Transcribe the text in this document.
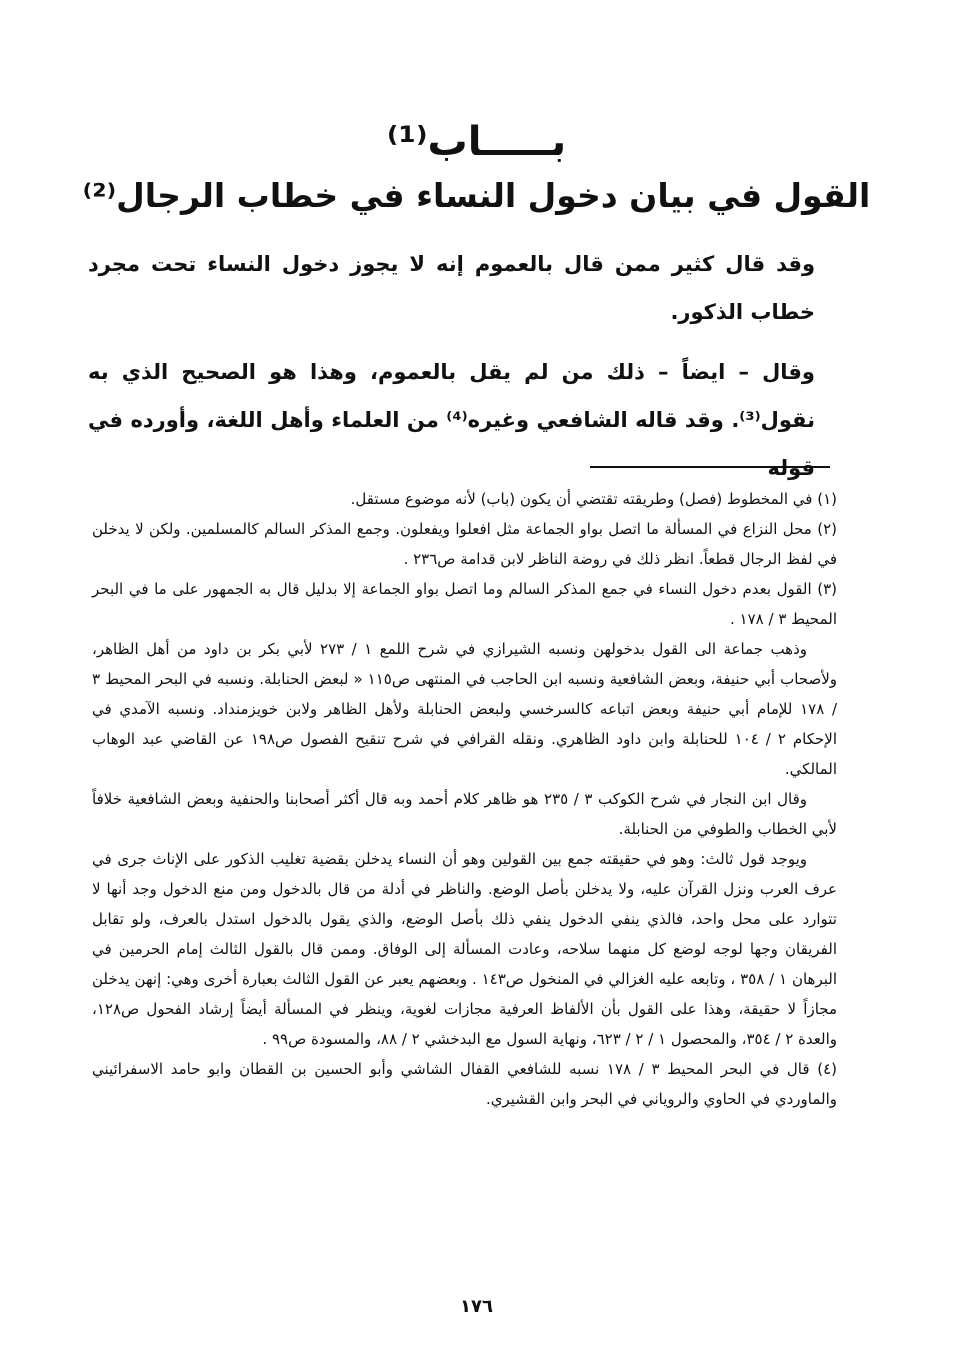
بـــــاب⁽¹⁾
القول في بيان دخول النساء في خطاب الرجال⁽²⁾

وقد قال كثير ممن قال بالعموم إنه لا يجوز دخول النساء تحت مجرد خطاب الذكور.

وقال – ايضاً – ذلك من لم يقل بالعموم، وهذا هو الصحيح الذي به نقول⁽³⁾. وقد قاله الشافعي وغيره⁽⁴⁾ من العلماء وأهل اللغة، وأورده في قوله

(١) في المخطوط (فصل) وطريقته تقتضي أن يكون (باب) لأنه موضوع مستقل.

(٢) محل النزاع في المسألة ما اتصل بواو الجماعة مثل افعلوا ويفعلون. وجمع المذكر السالم كالمسلمين. ولكن لا يدخلن في لفظ الرجال قطعاً. انظر ذلك في روضة الناظر لابن قدامة ص٢٣٦ .

(٣) القول بعدم دخول النساء في جمع المذكر السالم وما اتصل بواو الجماعة إلا بدليل قال به الجمهور على ما في البحر المحيط ٣ / ١٧٨ .

وذهب جماعة الى القول بدخولهن ونسبه الشيرازي في شرح اللمع ١ / ٢٧٣ لأبي بكر بن داود من أهل الظاهر، ولأصحاب أبي حنيفة، وبعض الشافعية ونسبه ابن الحاجب في المنتهى ص١١٥ « لبعض الحنابلة. ونسبه في البحر المحيط ٣ / ١٧٨ للإمام أبي حنيفة وبعض اتباعه كالسرخسي ولبعض الحنابلة ولأهل الظاهر ولابن خويزمنداد. ونسبه الآمدي في الإحكام ٢ / ١٠٤ للحنابلة وابن داود الظاهري. ونقله القرافي في شرح تنقيح الفصول ص١٩٨ عن القاضي عبد الوهاب المالكي.

وقال ابن النجار في شرح الكوكب ٣ / ٢٣٥ هو ظاهر كلام أحمد وبه قال أكثر أصحابنا والحنفية وبعض الشافعية خلافاً لأبي الخطاب والطوفي من الحنابلة.

ويوجد قول ثالث: وهو في حقيقته جمع بين القولين وهو أن النساء يدخلن بقضية تغليب الذكور على الإناث جرى في عرف العرب ونزل القرآن عليه، ولا يدخلن بأصل الوضع. والناظر في أدلة من قال بالدخول ومن منع الدخول وجد أنها لا تتوارد على محل واحد، فالذي ينفي الدخول ينفي ذلك بأصل الوضع، والذي يقول بالدخول استدل بالعرف، ولو تقابل الفريقان وجها لوجه لوضع كل منهما سلاحه، وعادت المسألة إلى الوفاق. وممن قال بالقول الثالث إمام الحرمين في البرهان ١ / ٣٥٨ ، وتابعه عليه الغزالي في المنخول ص١٤٣ . وبعضهم يعبر عن القول الثالث بعبارة أخرى وهي: إنهن يدخلن مجازاً لا حقيقة، وهذا على القول بأن الألفاظ العرفية مجازات لغوية، وينظر في المسألة أيضاً إرشاد الفحول ص١٢٨، والعدة ٢ / ٣٥٤، والمحصول ١ / ٢ / ٦٢٣، ونهاية السول مع البدخشي ٢ / ٨٨، والمسودة ص٩٩ .

(٤) قال في البحر المحيط ٣ / ١٧٨ نسبه للشافعي القفال الشاشي وأبو الحسين بن القطان وابو حامد الاسفرائيني والماوردي في الحاوي والروياني في البحر وابن القشيري.

١٧٦
